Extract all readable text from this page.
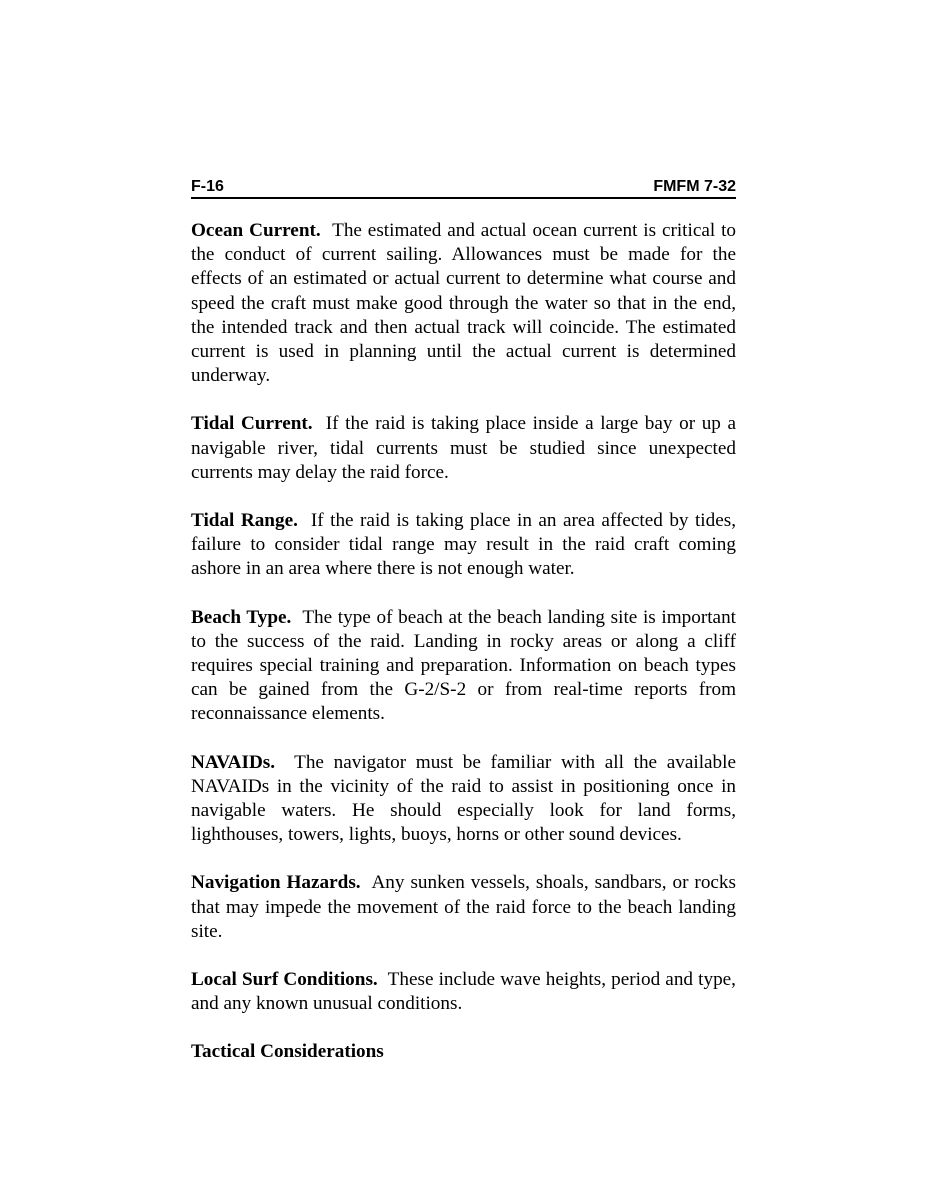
F-16	FMFM 7-32

Ocean Current. The estimated and actual ocean current is critical to the conduct of current sailing. Allowances must be made for the effects of an estimated or actual current to determine what course and speed the craft must make good through the water so that in the end, the intended track and then actual track will coincide. The estimated current is used in planning until the actual current is determined underway.

Tidal Current. If the raid is taking place inside a large bay or up a navigable river, tidal currents must be studied since unexpected currents may delay the raid force.

Tidal Range. If the raid is taking place in an area affected by tides, failure to consider tidal range may result in the raid craft coming ashore in an area where there is not enough water.

Beach Type. The type of beach at the beach landing site is important to the success of the raid. Landing in rocky areas or along a cliff requires special training and preparation. Information on beach types can be gained from the G-2/S-2 or from real-time reports from reconnaissance elements.

NAVAIDs. The navigator must be familiar with all the available NAVAIDs in the vicinity of the raid to assist in positioning once in navigable waters. He should especially look for land forms, lighthouses, towers, lights, buoys, horns or other sound devices.

Navigation Hazards. Any sunken vessels, shoals, sandbars, or rocks that may impede the movement of the raid force to the beach landing site.

Local Surf Conditions. These include wave heights, period and type, and any known unusual conditions.

Tactical Considerations
